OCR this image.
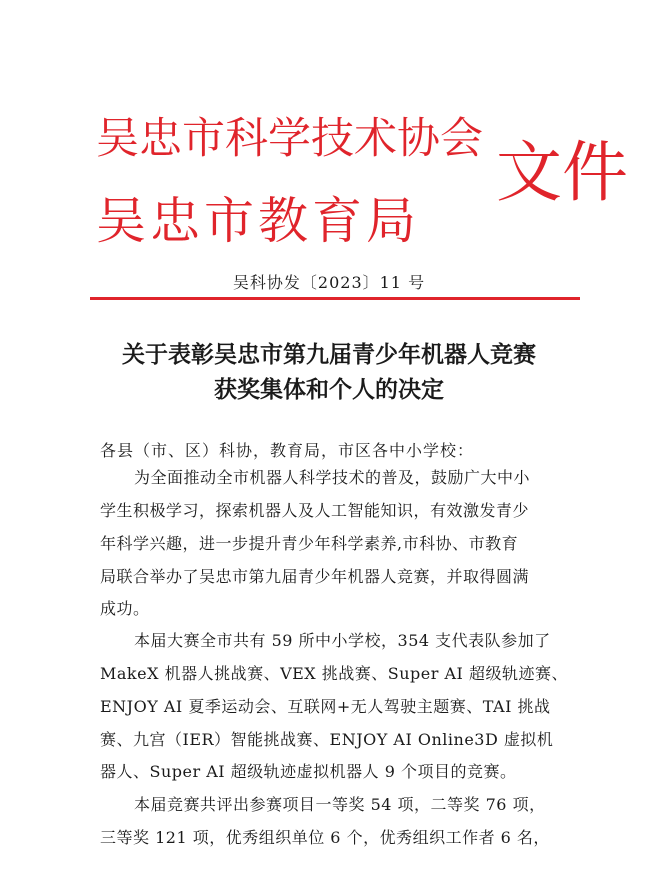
吴忠市科学技术协会
吴忠市教育局
文件
吴科协发〔2023〕11 号
关于表彰吴忠市第九届青少年机器人竞赛
获奖集体和个人的决定
各县（市、区）科协，教育局，市区各中小学校：
为全面推动全市机器人科学技术的普及，鼓励广大中小
学生积极学习，探索机器人及人工智能知识，有效激发青少
年科学兴趣，进一步提升青少年科学素养,市科协、市教育
局联合举办了吴忠市第九届青少年机器人竞赛，并取得圆满
成功。
本届大赛全市共有 59 所中小学校，354 支代表队参加了
MakeX 机器人挑战赛、VEX 挑战赛、Super AI 超级轨迹赛、
ENJOY AI 夏季运动会、互联网+无人驾驶主题赛、TAI 挑战
赛、九宫（IER）智能挑战赛、ENJOY AI Online3D 虚拟机
器人、Super AI 超级轨迹虚拟机器人 9 个项目的竞赛。
本届竞赛共评出参赛项目一等奖 54 项，二等奖 76 项，
三等奖 121 项，优秀组织单位 6 个，优秀组织工作者 6 名，
